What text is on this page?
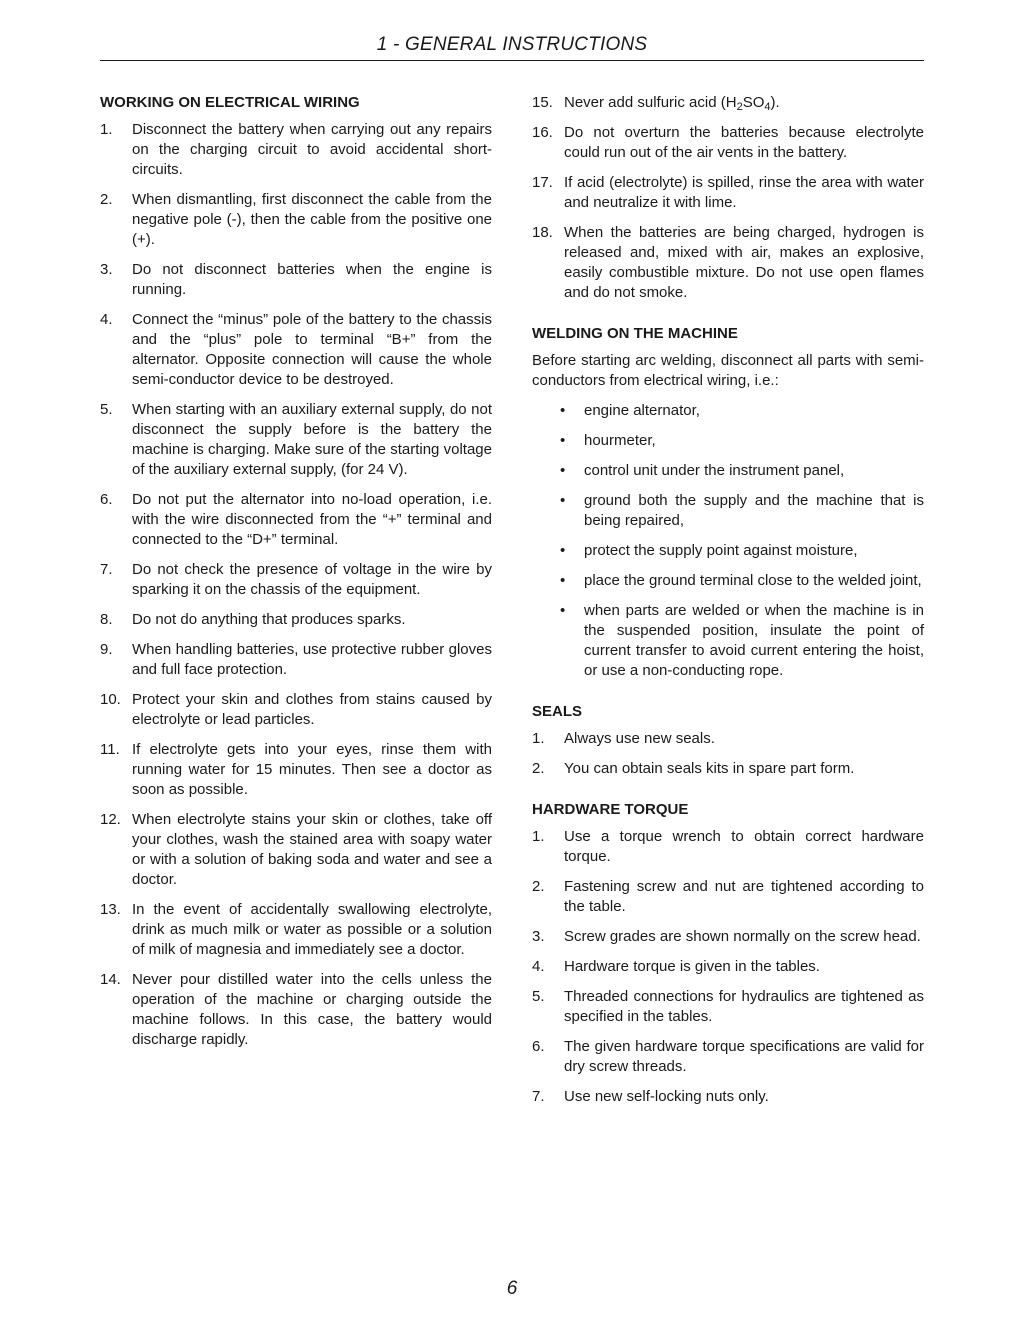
1 - GENERAL INSTRUCTIONS
WORKING ON ELECTRICAL WIRING
1.	Disconnect the battery when carrying out any repairs on the charging circuit to avoid accidental short-circuits.
2.	When dismantling, first disconnect the cable from the negative pole (-), then the cable from the positive one (+).
3.	Do not disconnect batteries when the engine is running.
4.	Connect the “minus” pole of the battery to the chassis and the “plus” pole to terminal “B+” from the alternator. Opposite connection will cause the whole semi-conductor device to be destroyed.
5.	When starting with an auxiliary external supply, do not disconnect the supply before is the battery the machine is charging. Make sure of the starting voltage of the auxiliary external supply, (for 24 V).
6.	Do not put the alternator into no-load operation, i.e. with the wire disconnected from the “+” terminal and connected to the “D+” terminal.
7.	Do not check the presence of voltage in the wire by sparking it on the chassis of the equipment.
8.	Do not do anything that produces sparks.
9.	When handling batteries, use protective rubber gloves and full face protection.
10. Protect your skin and clothes from stains caused by electrolyte or lead particles.
11. If electrolyte gets into your eyes, rinse them with running water for 15 minutes. Then see a doctor as soon as possible.
12. When electrolyte stains your skin or clothes, take off your clothes, wash the stained area with soapy water or with a solution of baking soda and water and see a doctor.
13. In the event of accidentally swallowing electrolyte, drink as much milk or water as possible or a solution of milk of magnesia and immediately see a doctor.
14. Never pour distilled water into the cells unless the operation of the machine or charging outside the machine follows. In this case, the battery would discharge rapidly.
15. Never add sulfuric acid $(H_2SO_4)$.
16. Do not overturn the batteries because electrolyte could run out of the air vents in the battery.
17. If acid (electrolyte) is spilled, rinse the area with water and neutralize it with lime.
18. When the batteries are being charged, hydrogen is released and, mixed with air, makes an explosive, easily combustible mixture. Do not use open flames and do not smoke.
WELDING ON THE MACHINE

Before starting arc welding, disconnect all parts with semi-conductors from electrical wiring, i.e.:

•	engine alternator,
•	hourmeter,
•	control unit under the instrument panel,
•	ground both the supply and the machine that is being repaired,
•	protect the supply point against moisture,
•	place the ground terminal close to the welded joint,
•	when parts are welded or when the machine is in the suspended position, insulate the point of current transfer to avoid current entering the hoist, or use a non-conducting rope.
SEALS
1.	Always use new seals.
2.	You can obtain seals kits in spare part form.
HARDWARE TORQUE
1.	Use a torque wrench to obtain correct hardware torque.
2.	Fastening screw and nut are tightened according to the table.
3.	Screw grades are shown normally on the screw head.
4.	Hardware torque is given in the tables.
5.	Threaded connections for hydraulics are tightened as specified in the tables.
6.	The given hardware torque specifications are valid for dry screw threads.
7.	Use new self-locking nuts only.
6
